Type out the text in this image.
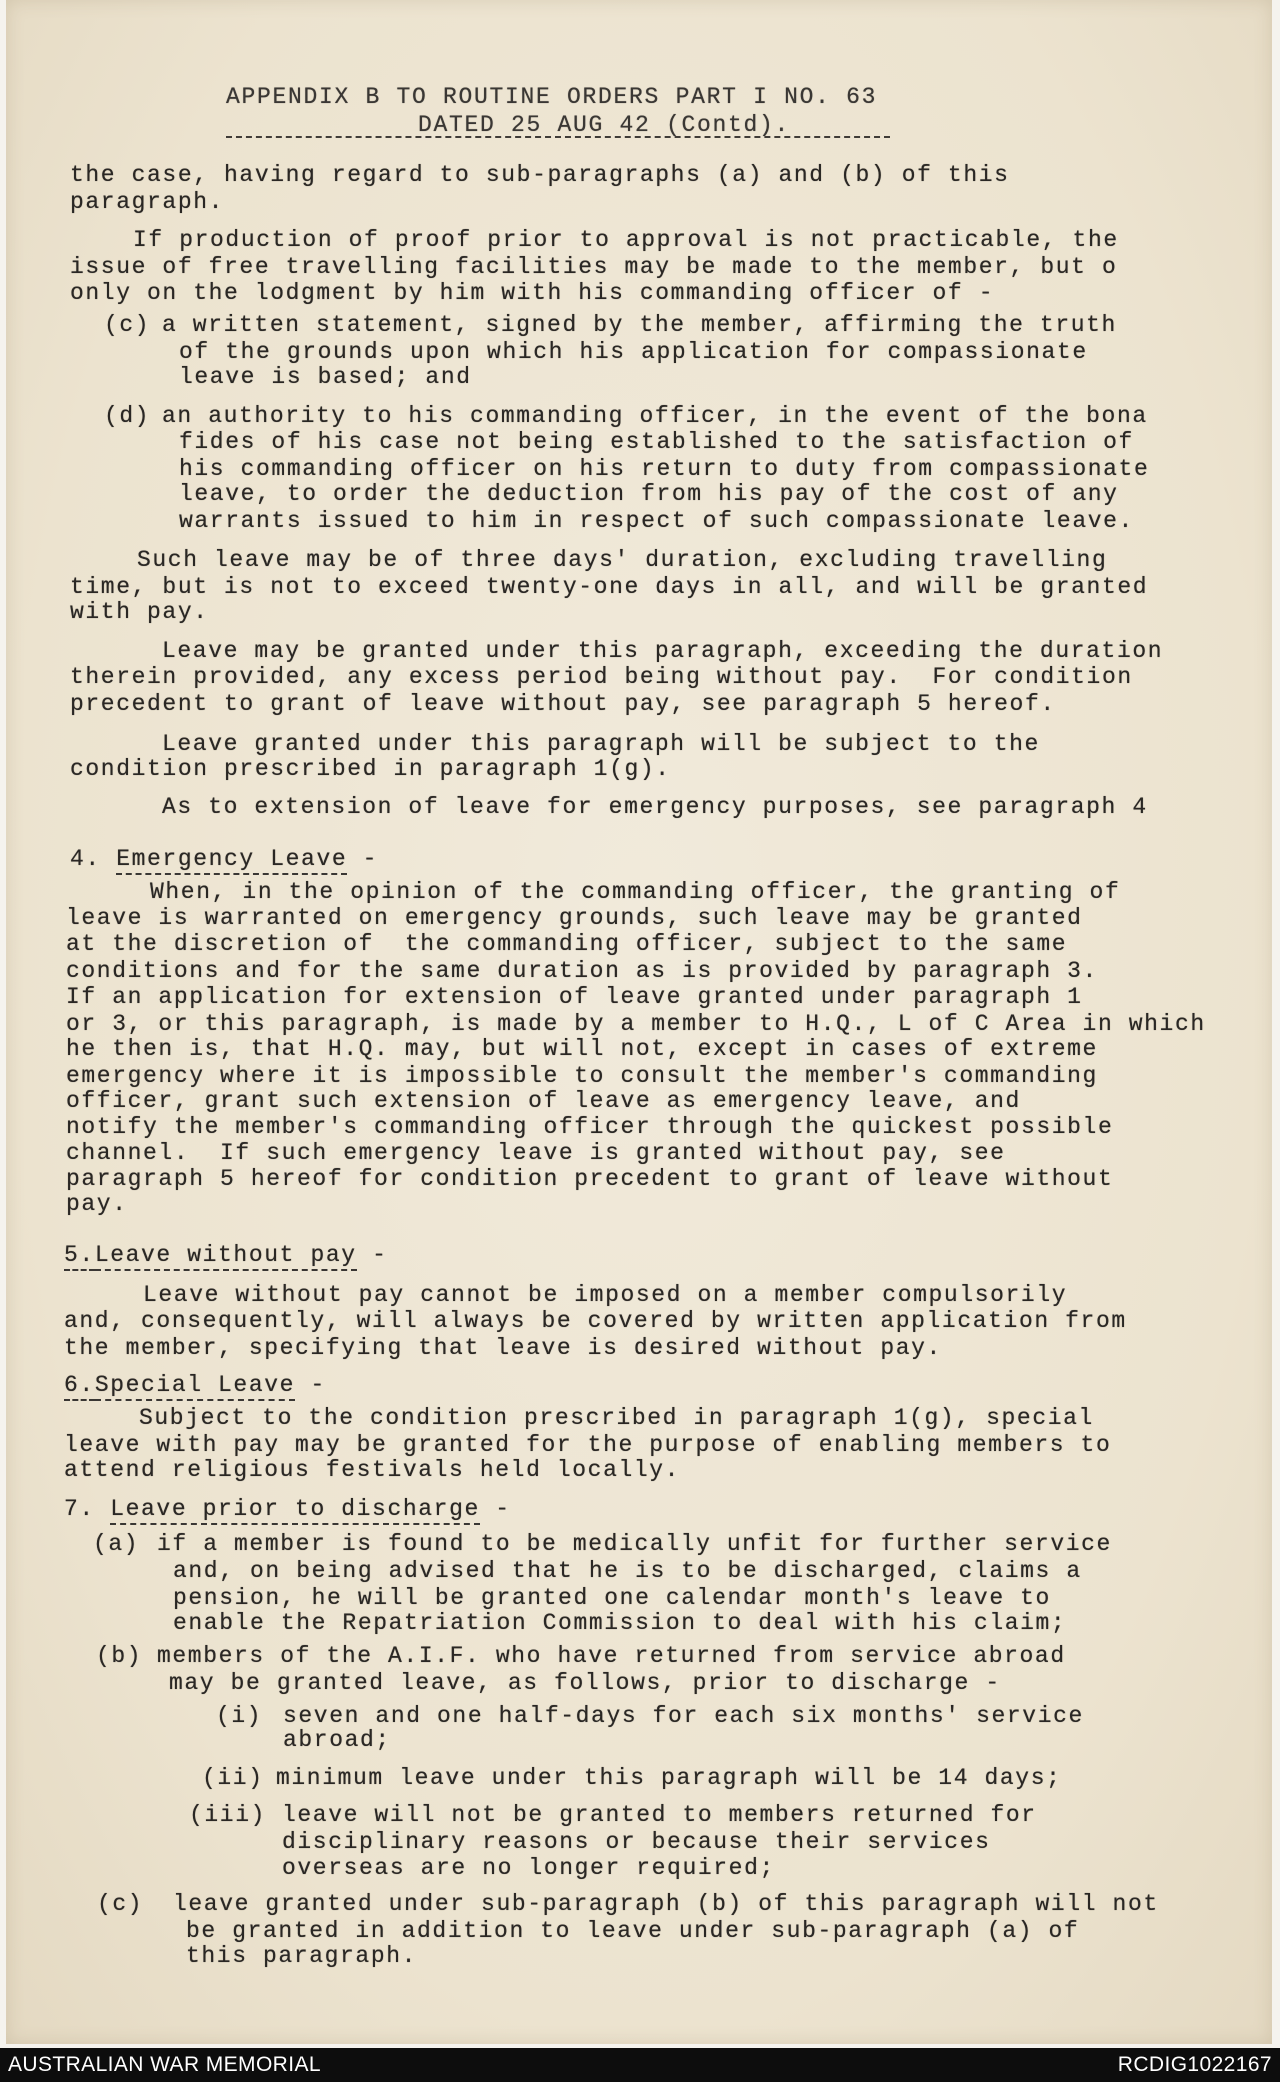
APPENDIX B TO ROUTINE ORDERS PART I NO. 63
DATED 25 AUG 42 (Contd).
the case, having regard to sub-paragraphs (a) and (b) of this
paragraph.
If production of proof prior to approval is not practicable, the
issue of free travelling facilities may be made to the member, but o
only on the lodgment by him with his commanding officer of -
(c) a written statement, signed by the member, affirming the truth
of the grounds upon which his application for compassionate
leave is based; and
(d) an authority to his commanding officer, in the event of the bona
fides of his case not being established to the satisfaction of
his commanding officer on his return to duty from compassionate
leave, to order the deduction from his pay of the cost of any
warrants issued to him in respect of such compassionate leave.
Such leave may be of three days' duration, excluding travelling
time, but is not to exceed twenty-one days in all, and will be granted
with pay.
Leave may be granted under this paragraph, exceeding the duration
therein provided, any excess period being without pay.  For condition
precedent to grant of leave without pay, see paragraph 5 hereof.
Leave granted under this paragraph will be subject to the
condition prescribed in paragraph 1(g).
As to extension of leave for emergency purposes, see paragraph 4
4. Emergency Leave -
When, in the opinion of the commanding officer, the granting of
leave is warranted on emergency grounds, such leave may be granted
at the discretion of  the commanding officer, subject to the same
conditions and for the same duration as is provided by paragraph 3.
If an application for extension of leave granted under paragraph 1
or 3, or this paragraph, is made by a member to H.Q., L of C Area in which
he then is, that H.Q. may, but will not, except in cases of extreme
emergency where it is impossible to consult the member's commanding
officer, grant such extension of leave as emergency leave, and
notify the member's commanding officer through the quickest possible
channel.  If such emergency leave is granted without pay, see
paragraph 5 hereof for condition precedent to grant of leave without
pay.
5.Leave without pay -
Leave without pay cannot be imposed on a member compulsorily
and, consequently, will always be covered by written application from
the member, specifying that leave is desired without pay.
6.Special Leave -
Subject to the condition prescribed in paragraph 1(g), special
leave with pay may be granted for the purpose of enabling members to
attend religious festivals held locally.
7. Leave prior to discharge -
(a) if a member is found to be medically unfit for further service
and, on being advised that he is to be discharged, claims a
pension, he will be granted one calendar month's leave to
enable the Repatriation Commission to deal with his claim;
(b) members of the A.I.F. who have returned from service abroad
may be granted leave, as follows, prior to discharge -
(i) seven and one half-days for each six months' service
abroad;
(ii) minimum leave under this paragraph will be 14 days;
(iii) leave will not be granted to members returned for
disciplinary reasons or because their services
overseas are no longer required;
(c) leave granted under sub-paragraph (b) of this paragraph will not
be granted in addition to leave under sub-paragraph (a) of
this paragraph.
AUSTRALIAN WAR MEMORIAL	RCDIG1022167
